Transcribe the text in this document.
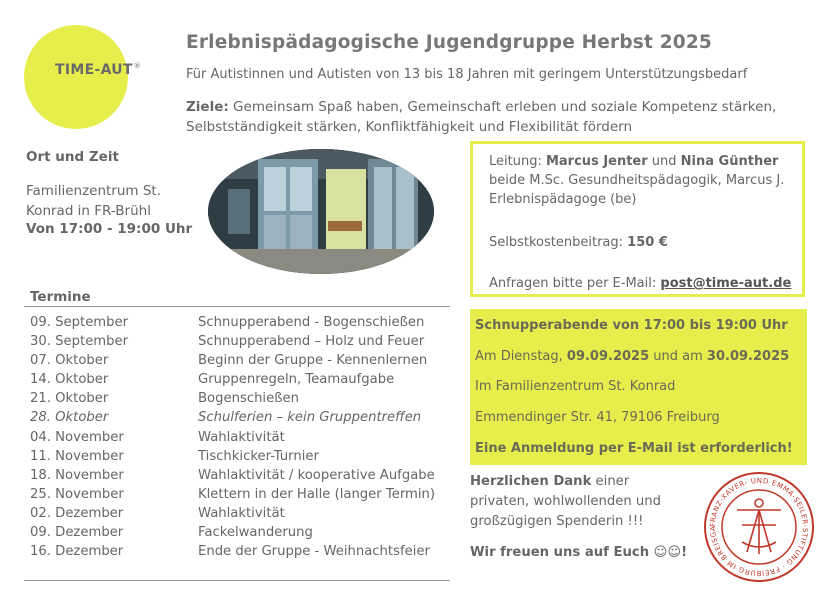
TIME-AUT®
Erlebnispädagogische Jugendgruppe Herbst 2025
Für Autistinnen und Autisten von 13 bis 18 Jahren mit geringem Unterstützungsbedarf
Ziele: Gemeinsam Spaß haben, Gemeinschaft erleben und soziale Kompetenz stärken, Selbstständigkeit stärken, Konfliktfähigkeit und Flexibilität fördern
Ort und Zeit
Familienzentrum St.
Konrad in FR-Brühl
Von 17:00 - 19:00 Uhr
Termine
09. September	Schnupperabend - Bogenschießen
30. September	Schnupperabend – Holz und Feuer
07. Oktober	Beginn der Gruppe - Kennenlernen
14. Oktober	Gruppenregeln, Teamaufgabe
21. Oktober	Bogenschießen
28. Oktober	Schulferien – kein Gruppentreffen
04. November	Wahlaktivität
11. November	Tischkicker-Turnier
18. November	Wahlaktivität / kooperative Aufgabe
25. November	Klettern in der Halle (langer Termin)
02. Dezember	Wahlaktivität
09. Dezember	Fackelwanderung
16. Dezember	Ende der Gruppe - Weihnachtsfeier
Leitung: Marcus Jenter und Nina Günther
beide M.Sc. Gesundheitspädagogik, Marcus J.
Erlebnispädagoge (be)
Selbstkostenbeitrag: 150 €
Anfragen bitte per E-Mail: post@time-aut.de
Schnupperabende von 17:00 bis 19:00 Uhr
Am Dienstag, 09.09.2025 und am 30.09.2025
Im Familienzentrum St. Konrad
Emmendinger Str. 41, 79106 Freiburg
Eine Anmeldung per E-Mail ist erforderlich!
Herzlichen Dank einer privaten, wohlwollenden und großzügigen Spenderin !!!
Wir freuen uns auf Euch ☺☺!
FRANZ-XAVER- UND EMMA-SEILER-STIFTUNG · FREIBURG IM BREISGA
